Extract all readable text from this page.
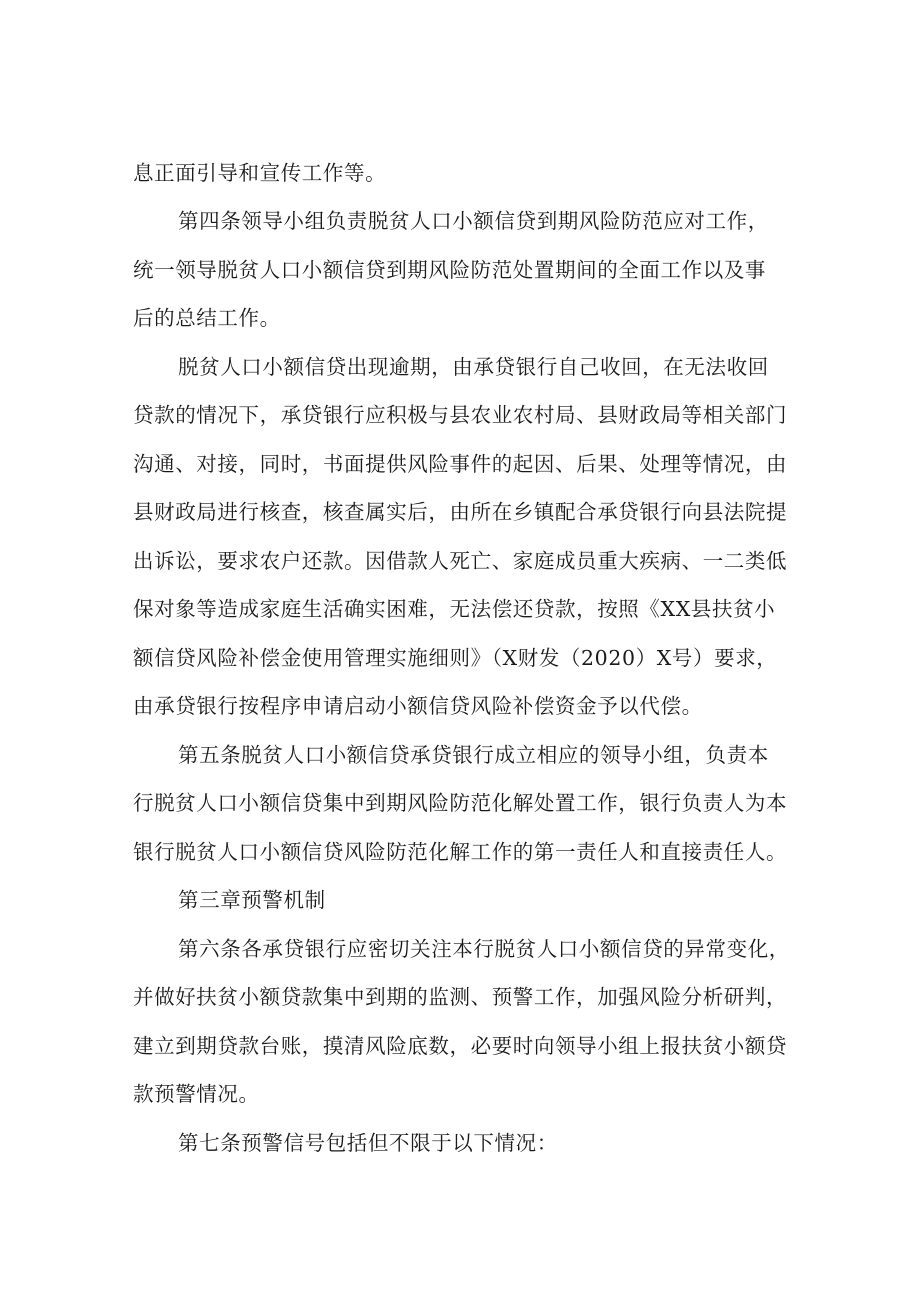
息正面引导和宣传工作等。

第四条领导小组负责脱贫人口小额信贷到期风险防范应对工作，

统一领导脱贫人口小额信贷到期风险防范处置期间的全面工作以及事

后的总结工作。

脱贫人口小额信贷出现逾期，由承贷银行自己收回，在无法收回

贷款的情况下，承贷银行应积极与县农业农村局、县财政局等相关部门

沟通、对接，同时，书面提供风险事件的起因、后果、处理等情况，由

县财政局进行核查，核查属实后，由所在乡镇配合承贷银行向县法院提

出诉讼，要求农户还款。因借款人死亡、家庭成员重大疾病、一二类低

保对象等造成家庭生活确实困难，无法偿还贷款，按照《XX县扶贫小

额信贷风险补偿金使用管理实施细则》（X财发（2020）X号）要求，

由承贷银行按程序申请启动小额信贷风险补偿资金予以代偿。

第五条脱贫人口小额信贷承贷银行成立相应的领导小组，负责本

行脱贫人口小额信贷集中到期风险防范化解处置工作，银行负责人为本

银行脱贫人口小额信贷风险防范化解工作的第一责任人和直接责任人。

第三章预警机制

第六条各承贷银行应密切关注本行脱贫人口小额信贷的异常变化，

并做好扶贫小额贷款集中到期的监测、预警工作，加强风险分析研判，

建立到期贷款台账，摸清风险底数，必要时向领导小组上报扶贫小额贷

款预警情况。

第七条预警信号包括但不限于以下情况：
